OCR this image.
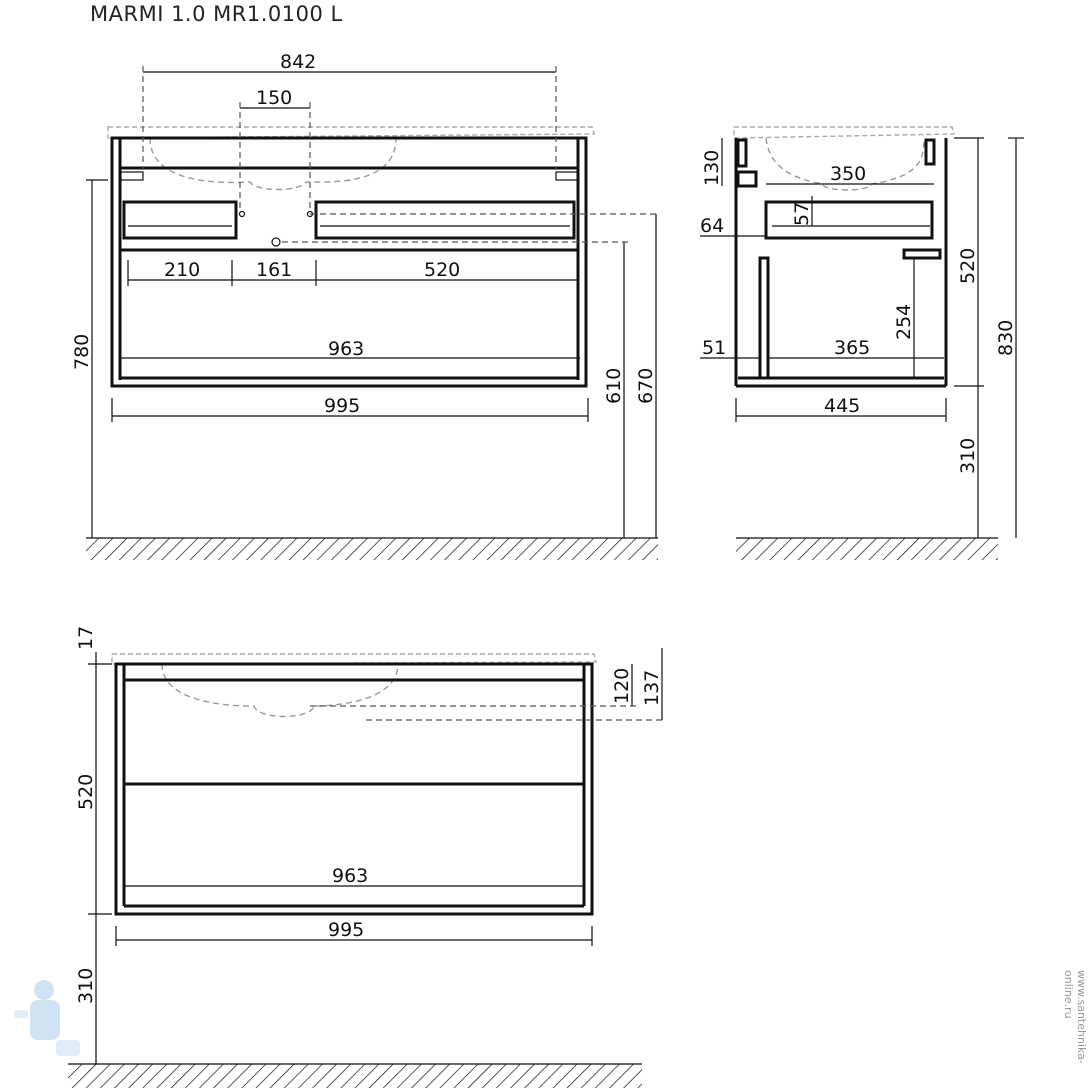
MARMI 1.0 MR1.0100 L
842
150
210	161	520
963
995
780
610 670
130	350
57
64
520
254
51	365	830
445
310
17
120 137
520
963
995
310	www.santehnika-online.ru
